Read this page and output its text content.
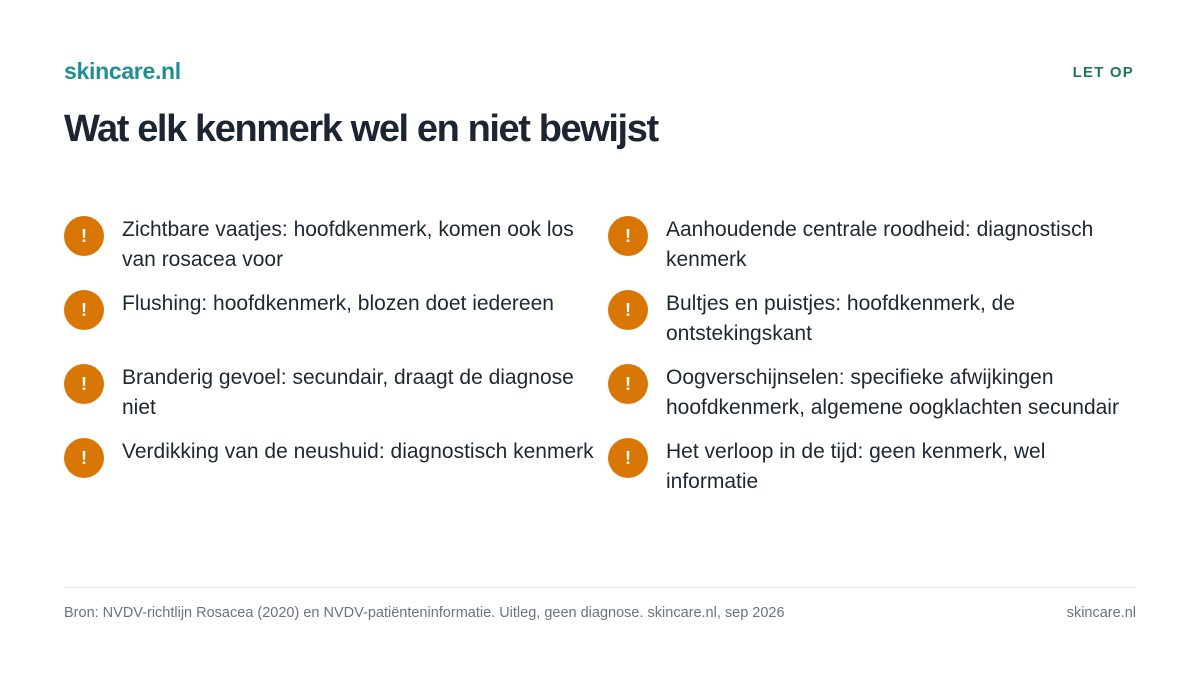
skincare.nl	LET OP
Wat elk kenmerk wel en niet bewijst
!	Zichtbare vaatjes: hoofdkenmerk, komen ook los van rosacea voor
!	Aanhoudende centrale roodheid: diagnostisch kenmerk
!	Flushing: hoofdkenmerk, blozen doet iedereen	!	Bultjes en puistjes: hoofdkenmerk, de ontstekingskant
!	Branderig gevoel: secundair, draagt de diagnose niet
!	Oogverschijnselen: specifieke afwijkingen hoofdkenmerk, algemene oogklachten secundair
!	Verdikking van de neushuid: diagnostisch kenmerk	!	Het verloop in de tijd: geen kenmerk, wel informatie
Bron: NVDV-richtlijn Rosacea (2020) en NVDV-patiënteninformatie. Uitleg, geen diagnose. skincare.nl, sep 2026	skincare.nl
